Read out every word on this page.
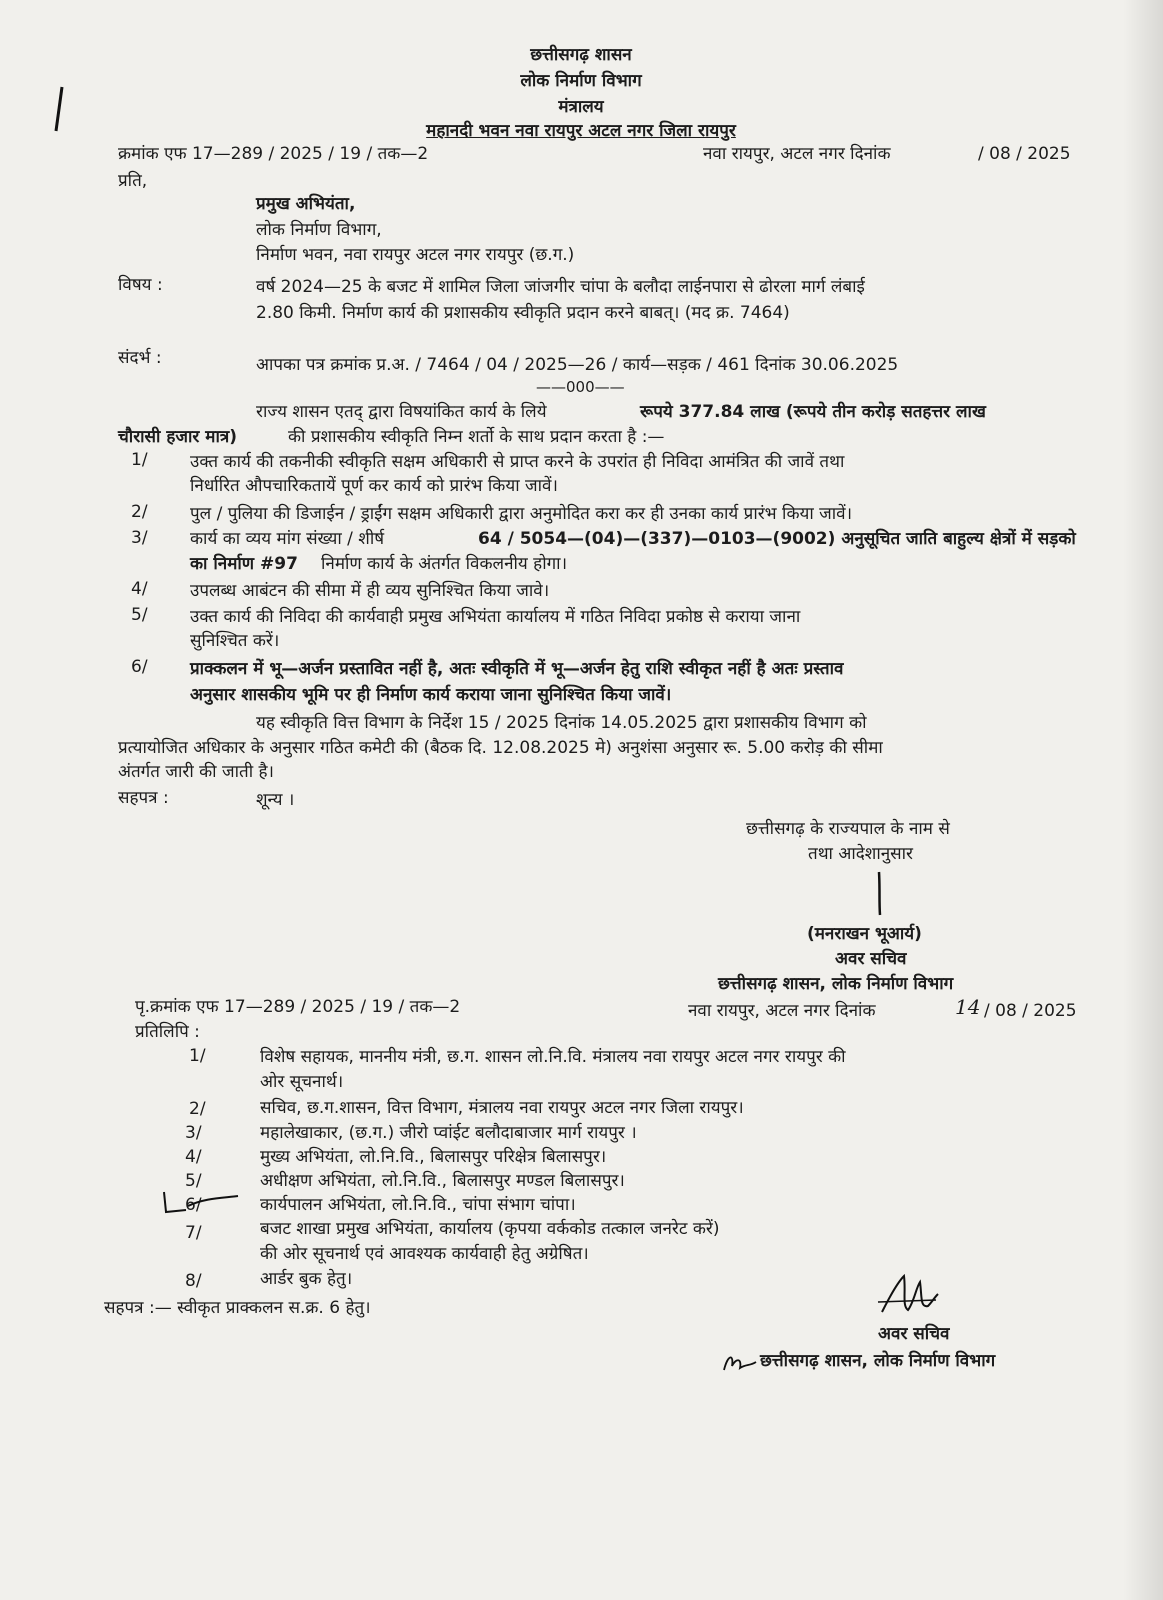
छत्तीसगढ़ शासन
लोक निर्माण विभाग
मंत्रालय
महानदी भवन नवा रायपुर अटल नगर जिला रायपुर
क्रमांक एफ 17—289 / 2025 / 19 / तक—2	नवा रायपुर, अटल नगर दिनांक	/ 08 / 2025
प्रति,
प्रमुख अभियंता,
लोक निर्माण विभाग,
निर्माण भवन, नवा रायपुर अटल नगर रायपुर (छ.ग.)
विषय :	वर्ष 2024—25 के बजट में शामिल जिला जांजगीर चांपा के बलौदा लाईनपारा से ढोरला मार्ग लंबाई
2.80 किमी. निर्माण कार्य की प्रशासकीय स्वीकृति प्रदान करने बाबत्। (मद क्र. 7464)
संदर्भ :	आपका पत्र क्रमांक प्र.अ. / 7464 / 04 / 2025—26 / कार्य—सड़क / 461 दिनांक 30.06.2025
——000——
राज्य शासन एतद् द्वारा विषयांकित कार्य के लिये	रूपये 377.84 लाख (रूपये तीन करोड़ सतहत्तर लाख
चौरासी हजार मात्र)	की प्रशासकीय स्वीकृति निम्न शर्तो के साथ प्रदान करता है :—
1/ उक्त कार्य की तकनीकी स्वीकृति सक्षम अधिकारी से प्राप्त करने के उपरांत ही निविदा आमंत्रित की जावें तथा
निर्धारित औपचारिकतायें पूर्ण कर कार्य को प्रारंभ किया जावें।
2/ पुल / पुलिया की डिजाईन / ड्राईंग सक्षम अधिकारी द्वारा अनुमोदित करा कर ही उनका कार्य प्रारंभ किया जावें।
3/ कार्य का व्यय मांग संख्या / शीर्ष	64 / 5054—(04)—(337)—0103—(9002) अनुसूचित जाति बाहुल्य क्षेत्रों में सड़को
का निर्माण #97 निर्माण कार्य के अंतर्गत विकलनीय होगा।
4/ उपलब्ध आबंटन की सीमा में ही व्यय सुनिश्चित किया जावे।
5/ उक्त कार्य की निविदा की कार्यवाही प्रमुख अभियंता कार्यालय में गठित निविदा प्रकोष्ठ से कराया जाना
सुनिश्चित करें।
6/ प्राक्कलन में भू—अर्जन प्रस्तावित नहीं है, अतः स्वीकृति में भू—अर्जन हेतु राशि स्वीकृत नहीं है अतः प्रस्ताव
अनुसार शासकीय भूमि पर ही निर्माण कार्य कराया जाना सुनिश्चित किया जावें।
यह स्वीकृति वित्त विभाग के निर्देश 15 / 2025 दिनांक 14.05.2025 द्वारा प्रशासकीय विभाग को
प्रत्यायोजित अधिकार के अनुसार गठित कमेटी की (बैठक दि. 12.08.2025 मे) अनुशंसा अनुसार रू. 5.00 करोड़ की सीमा
अंतर्गत जारी की जाती है।
सहपत्र :	शून्य ।
छत्तीसगढ़ के राज्यपाल के नाम से
तथा आदेशानुसार
(मनराखन भूआर्य)
अवर सचिव
छत्तीसगढ़ शासन, लोक निर्माण विभाग
पृ.क्रमांक एफ 17—289 / 2025 / 19 / तक—2	नवा रायपुर, अटल नगर दिनांक	14 / 08 / 2025
प्रतिलिपि :
1/	विशेष सहायक, माननीय मंत्री, छ.ग. शासन लो.नि.वि. मंत्रालय नवा रायपुर अटल नगर रायपुर की
ओर सूचनार्थ।
2/	सचिव, छ.ग.शासन, वित्त विभाग, मंत्रालय नवा रायपुर अटल नगर जिला रायपुर।
3/	महालेखाकार, (छ.ग.) जीरो प्वांईट बलौदाबाजार मार्ग रायपुर ।
4/	मुख्य अभियंता, लो.नि.वि., बिलासपुर परिक्षेत्र बिलासपुर।
5/	अधीक्षण अभियंता, लो.नि.वि., बिलासपुर मण्डल बिलासपुर।
6/	कार्यपालन अभियंता, लो.नि.वि., चांपा संभाग चांपा।
7/	बजट शाखा प्रमुख अभियंता, कार्यालय (कृपया वर्ककोड तत्काल जनरेट करें)
की ओर सूचनार्थ एवं आवश्यक कार्यवाही हेतु अग्रेषित।
8/	आर्डर बुक हेतु।
सहपत्र :— स्वीकृत प्राक्कलन स.क्र. 6 हेतु।
अवर सचिव
छत्तीसगढ़ शासन, लोक निर्माण विभाग
